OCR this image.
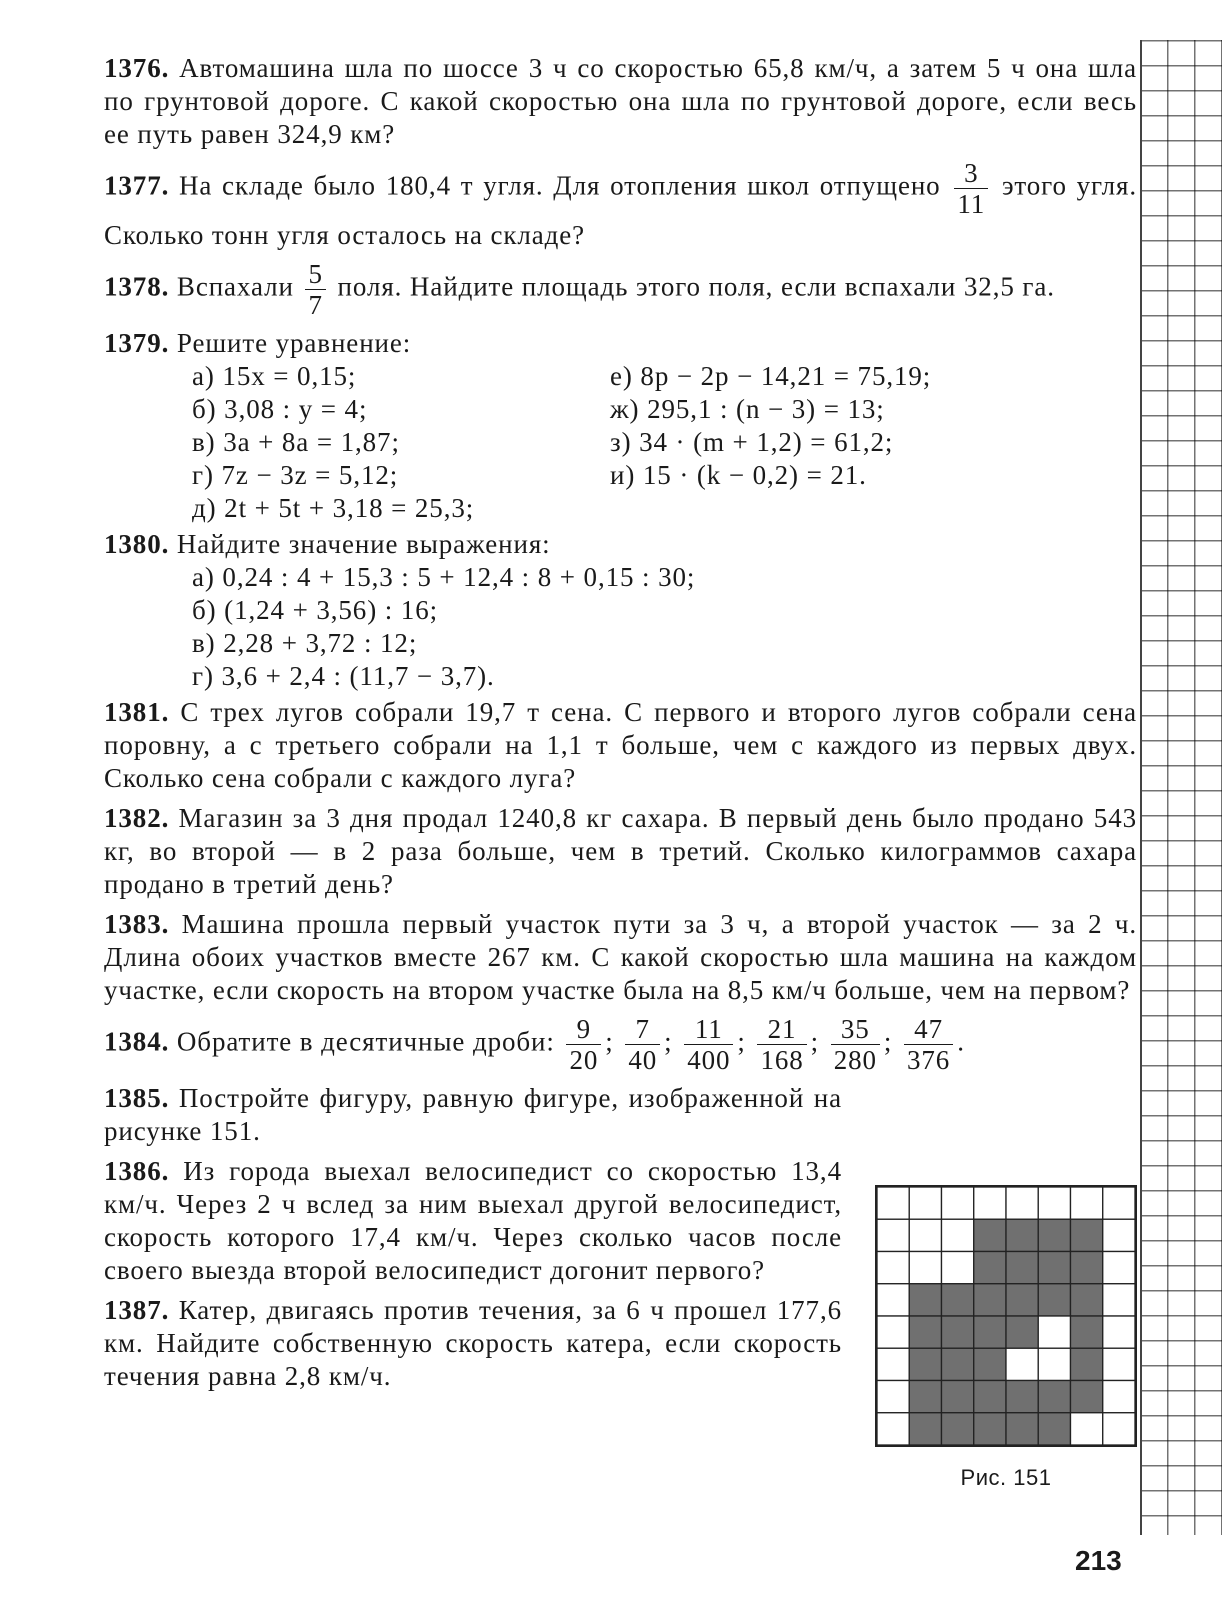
1376. Автомашина шла по шоссе 3 ч со скоростью 65,8 км/ч, а затем 5 ч она шла по грунтовой дороге. С какой скоростью она шла по грунтовой дороге, если весь ее путь равен 324,9 км?

1377. На складе было 180,4 т угля. Для отопления школ отпущено $\frac{3}{11}$ этого угля. Сколько тонн угля осталось на складе?

1378. Вспахали $\frac{5}{7}$ поля. Найдите площадь этого поля, если вспахали 32,5 га.

1379. Решите уравнение:

а) 15x = 0,15;	е) 8p − 2p − 14,21 = 75,19;
б) 3,08 : y = 4;	ж) 295,1 : (n − 3) = 13;
в) 3a + 8a = 1,87;	з) 34 · (m + 1,2) = 61,2;
г) 7z − 3z = 5,12;	и) 15 · (k − 0,2) = 21.
д) 2t + 5t + 3,18 = 25,3;

1380. Найдите значение выражения:

а) 0,24 : 4 + 15,3 : 5 + 12,4 : 8 + 0,15 : 30;
б) (1,24 + 3,56) : 16;
в) 2,28 + 3,72 : 12;
г) 3,6 + 2,4 : (11,7 − 3,7).

1381. С трех лугов собрали 19,7 т сена. С первого и второго лугов собрали сена поровну, а с третьего собрали на 1,1 т больше, чем с каждого из первых двух. Сколько сена собрали с каждого луга?

1382. Магазин за 3 дня продал 1240,8 кг сахара. В первый день было продано 543 кг, во второй — в 2 раза больше, чем в третий. Сколько килограммов сахара продано в третий день?

1383. Машина прошла первый участок пути за 3 ч, а второй участок — за 2 ч. Длина обоих участков вместе 267 км. С какой скоростью шла машина на каждом участке, если скорость на втором участке была на 8,5 км/ч больше, чем на первом?

1384. Обратите в десятичные дроби: $\frac{9}{20}$ ; $\frac{7}{40}$ ; $\frac{11}{400}$ ; $\frac{21}{168}$ ; $\frac{35}{280}$ ; $\frac{47}{376}$ .

1385. Постройте фигуру, равную фигуре, изображенной на рисунке 151.

1386. Из города выехал велосипедист со скоростью 13,4 км/ч. Через 2 ч вслед за ним выехал другой велосипедист, скорость которого 17,4 км/ч. Через сколько часов после своего выезда второй велосипедист догонит первого?

1387. Катер, двигаясь против течения, за 6 ч прошел 177,6 км. Найдите собственную скорость катера, если скорость течения равна 2,8 км/ч.

Рис. 151
213
